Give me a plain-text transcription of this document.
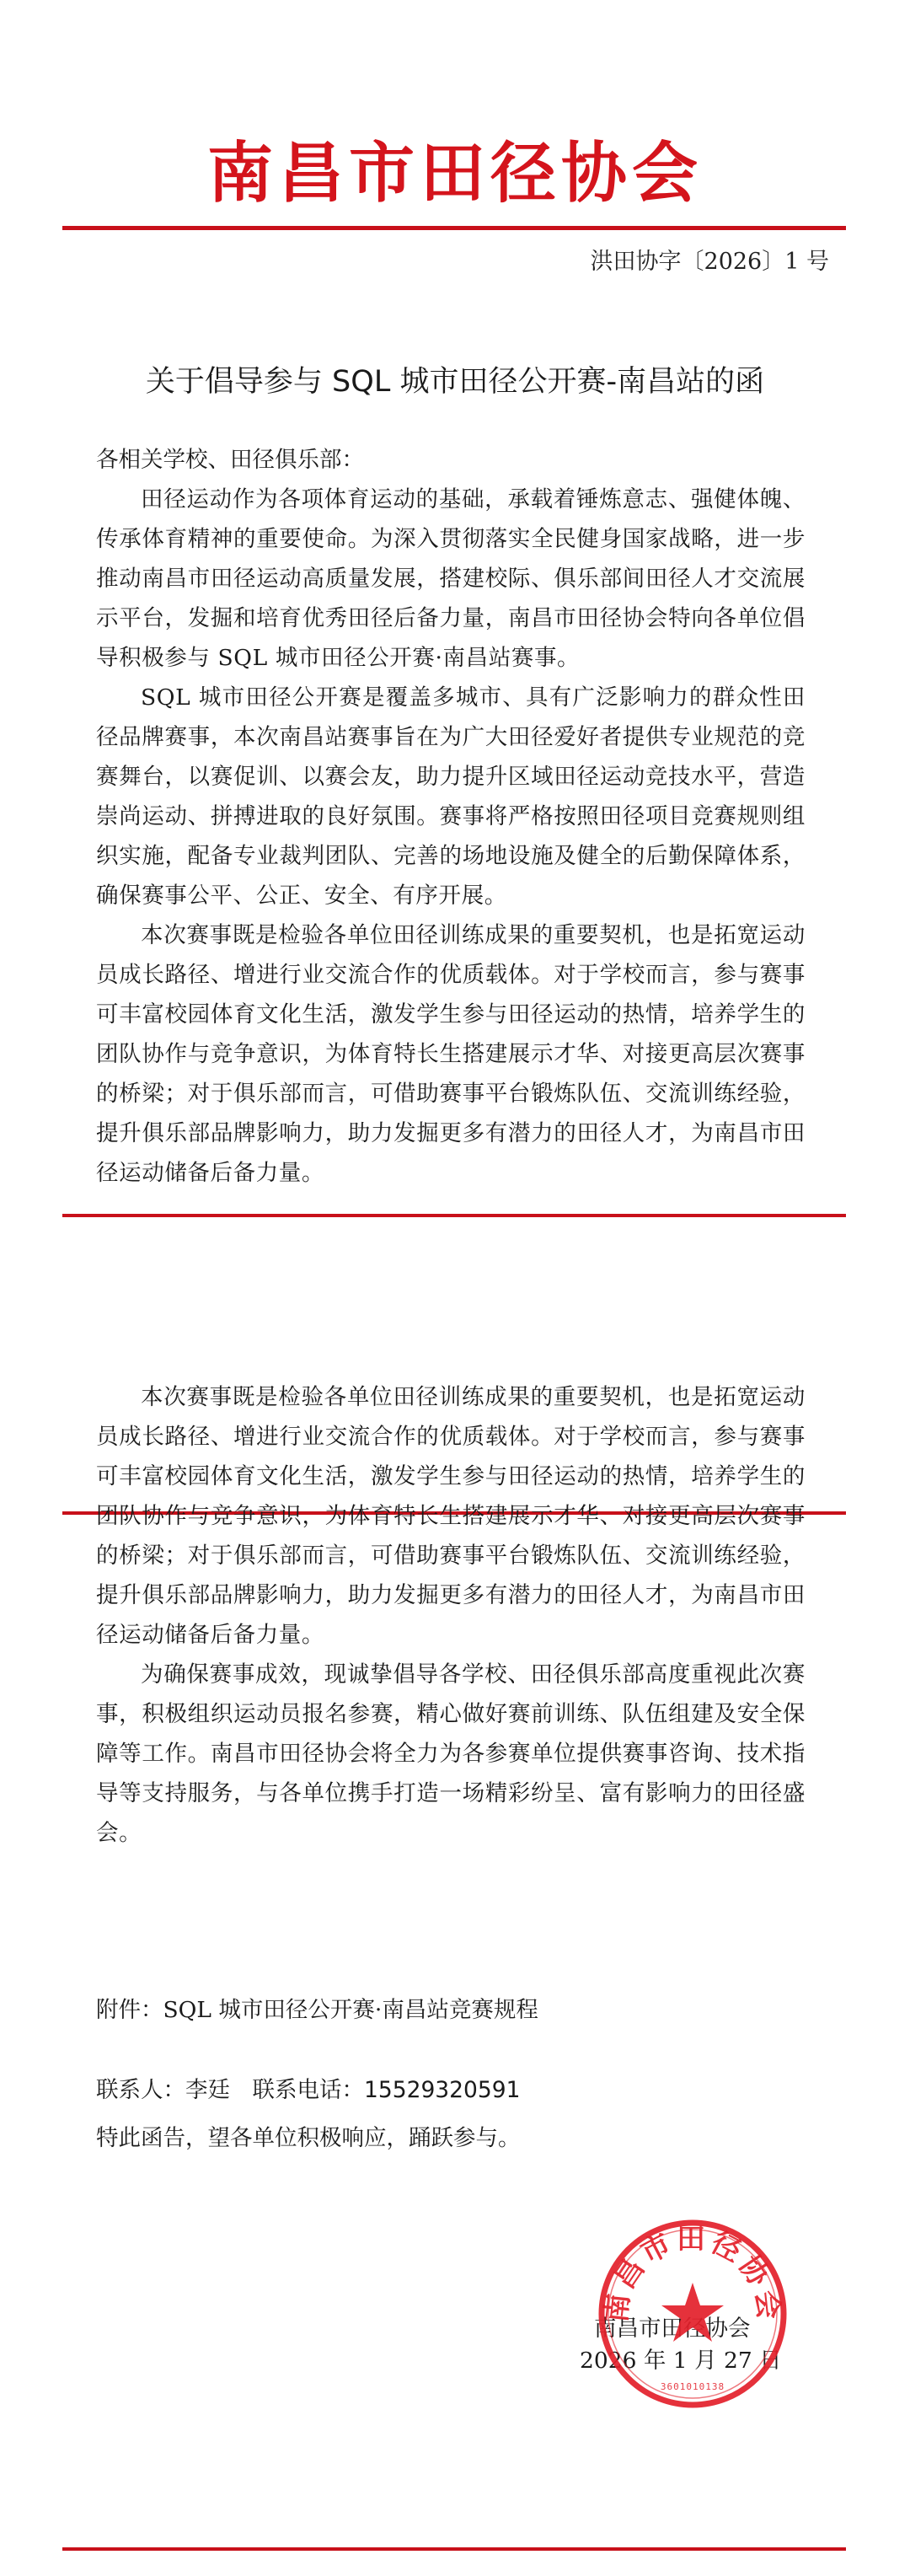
南昌市田径协会
洪田协字〔2026〕1 号
关于倡导参与 SQL 城市田径公开赛-南昌站的函
各相关学校、田径俱乐部：

田径运动作为各项体育运动的基础，承载着锤炼意志、强健体魄、传承体育精神的重要使命。为深入贯彻落实全民健身国家战略，进一步推动南昌市田径运动高质量发展，搭建校际、俱乐部间田径人才交流展示平台，发掘和培育优秀田径后备力量，南昌市田径协会特向各单位倡导积极参与 SQL 城市田径公开赛·南昌站赛事。

SQL 城市田径公开赛是覆盖多城市、具有广泛影响力的群众性田径品牌赛事，本次南昌站赛事旨在为广大田径爱好者提供专业规范的竞赛舞台，以赛促训、以赛会友，助力提升区域田径运动竞技水平，营造崇尚运动、拼搏进取的良好氛围。赛事将严格按照田径项目竞赛规则组织实施，配备专业裁判团队、完善的场地设施及健全的后勤保障体系，确保赛事公平、公正、安全、有序开展。

本次赛事既是检验各单位田径训练成果的重要契机，也是拓宽运动员成长路径、增进行业交流合作的优质载体。对于学校而言，参与赛事可丰富校园体育文化生活，激发学生参与田径运动的热情，培养学生的团队协作与竞争意识，为体育特长生搭建展示才华、对接更高层次赛事的桥梁；对于俱乐部而言，可借助赛事平台锻炼队伍、交流训练经验，提升俱乐部品牌影响力，助力发掘更多有潜力的田径人才，为南昌市田径运动储备后备力量。

本次赛事既是检验各单位田径训练成果的重要契机，也是拓宽运动员成长路径、增进行业交流合作的优质载体。对于学校而言，参与赛事可丰富校园体育文化生活，激发学生参与田径运动的热情，培养学生的团队协作与竞争意识，为体育特长生搭建展示才华、对接更高层次赛事的桥梁；对于俱乐部而言，可借助赛事平台锻炼队伍、交流训练经验，提升俱乐部品牌影响力，助力发掘更多有潜力的田径人才，为南昌市田径运动储备后备力量。

为确保赛事成效，现诚挚倡导各学校、田径俱乐部高度重视此次赛事，积极组织运动员报名参赛，精心做好赛前训练、队伍组建及安全保障等工作。南昌市田径协会将全力为各参赛单位提供赛事咨询、技术指导等支持服务，与各单位携手打造一场精彩纷呈、富有影响力的田径盛会。

附件：SQL 城市田径公开赛·南昌站竞赛规程
联系人：李廷　联系电话：15529320591
特此函告，望各单位积极响应，踊跃参与。
南昌市田径协会
2026 年 1 月 27 日
南昌市田径协会
3601010138
